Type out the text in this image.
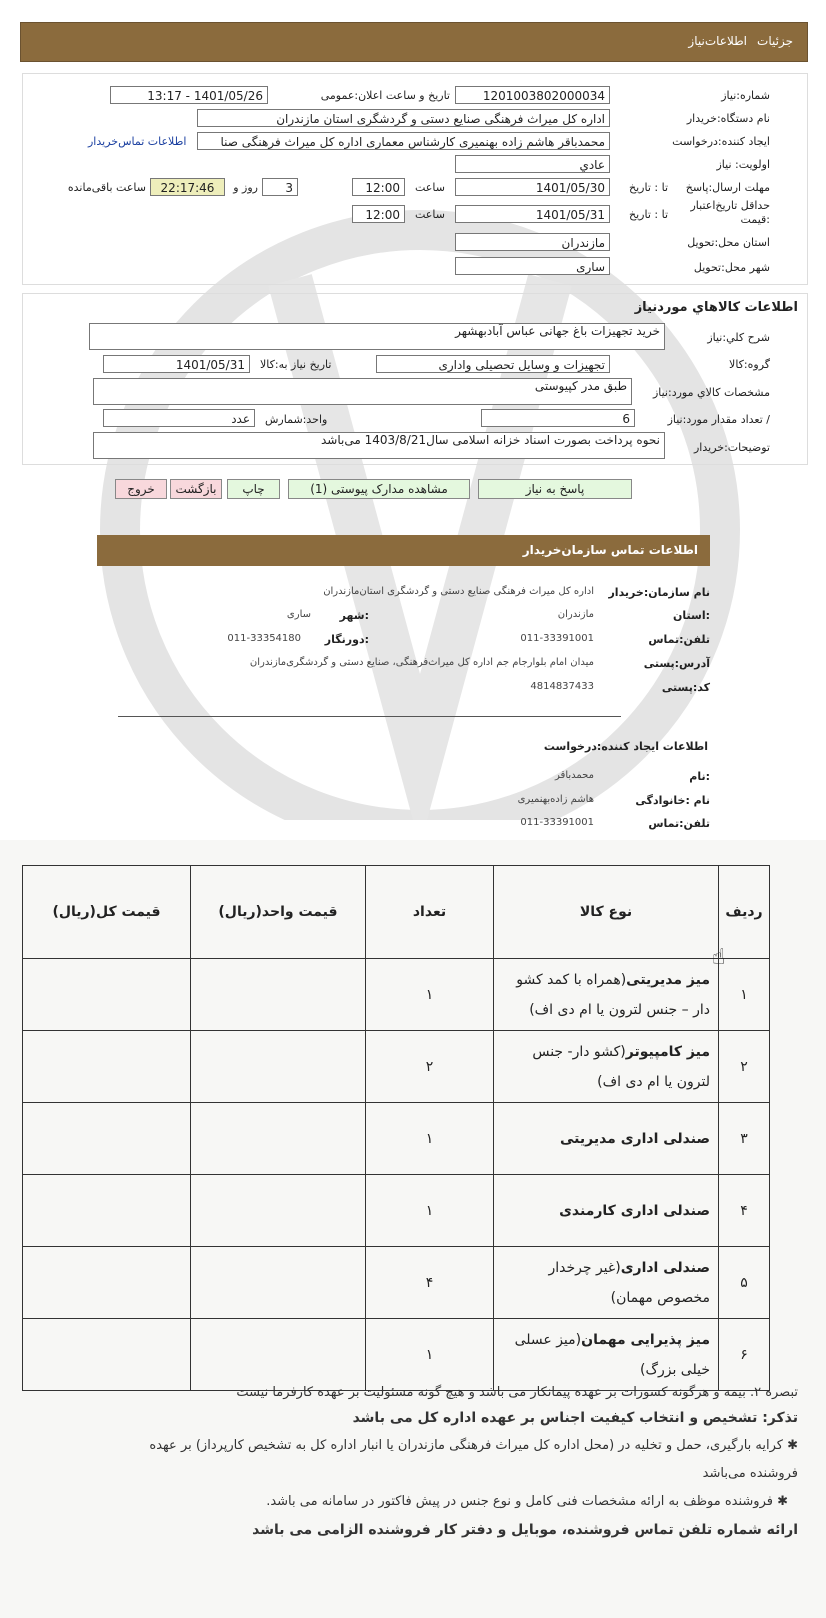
جزئیات
اطلاعات‌نیاز
شماره:نیاز
1201003802000034
تاریخ و ساعت اعلان:عمومی
1401/05/26 - 13:17
نام دستگاه:خریدار
اداره کل میراث فرهنگی صنایع دستی و گردشگری استان مازندران
ایجاد کننده:درخواست
محمدباقر هاشم زاده بهنمیری کارشناس معماری اداره کل میراث فرهنگی صنا
اطلاعات تماس‌خریدار
اولویت: نیاز
عادي
مهلت ارسال:پاسخ
تا : تاریخ
1401/05/30
ساعت
12:00
3
روز و
22:17:46
ساعت باقی‌مانده
حداقل تاریخ‌اعتبار :قیمت
تا : تاریخ
1401/05/31
ساعت
12:00
استان محل:تحویل
مازندران
شهر محل:تحویل
ساری
اطلاعات کالاهاي موردنیاز
شرح کلي:نیاز
خرید تجهیزات باغ جهانی عباس آبادبهشهر
گروه:کالا
تجهیزات و وسایل تحصیلی واداری
تاریخ نیاز به:کالا
1401/05/31
مشخصات کالاي مورد:نیاز
طبق مدر کپیوستی
/ تعداد مقدار مورد:نیاز
6
واحد:شمارش
عدد
توضیحات:خریدار
نحوه پرداخت بصورت اسناد خزانه اسلامی سال1403/8/21 می‌باشد
پاسخ به نیاز
مشاهده مدارک پیوستی (1)
چاپ
بازگشت
خروج
اطلاعات تماس سازمان‌خریدار
نام سازمان:خریدار
اداره کل میراث فرهنگی صنایع دستی و گردشگری استان‌مازندران
:استان
مازندران
:شهر
ساری
تلفن:تماس
011-33391001
:دورنگار
011-33354180
آدرس:پستی
میدان امام بلوارجام جم اداره کل میراث‌فرهنگی، صنایع دستی و گردشگری‌مازندران
کد:پستی
4814837433
اطلاعات ایجاد کننده:درخواست
:نام
محمدباقر
نام :خانوادگی
هاشم زادەبهنمیری
تلفن:تماس
011-33391001
ردیف	نوع کالا	تعداد	قیمت واحد(ریال)	قیمت کل(ریال)
۱	میز مدیریتی(همراه با کمد کشو دار – جنس لترون یا ام دی اف)	۱		
۲	میز کامپیوتر(کشو دار- جنس لترون یا ام دی اف)	۲		
۳	صندلی اداری مدیریتی	۱		
۴	صندلی اداری کارمندی	۱		
۵	صندلی اداری(غیر چرخدار مخصوص مهمان)	۴		
۶	میز پذیرایی مهمان(میز عسلی خیلی بزرگ)	۱		
☝
تبصره ۲. بیمه و هرگونه کسورات بر عهده پیمانکار می باشد و هیچ گونه مسئولیت بر عهده کارفرما نیست
تذکر: تشخیص و انتخاب کیفیت اجناس بر عهده اداره کل می باشد
✱ کرایه بارگیری، حمل و تخلیه در (محل اداره کل میراث فرهنگی مازندران یا انبار اداره کل به تشخیص کارپرداز) بر عهده
فروشنده می‌باشد
✱ فروشنده موظف به ارائه مشخصات فنی کامل و نوع جنس در پیش فاکتور در سامانه می باشد.
ارائه شماره تلفن تماس فروشنده، موبایل و دفتر کار فروشنده الزامی می باشد
